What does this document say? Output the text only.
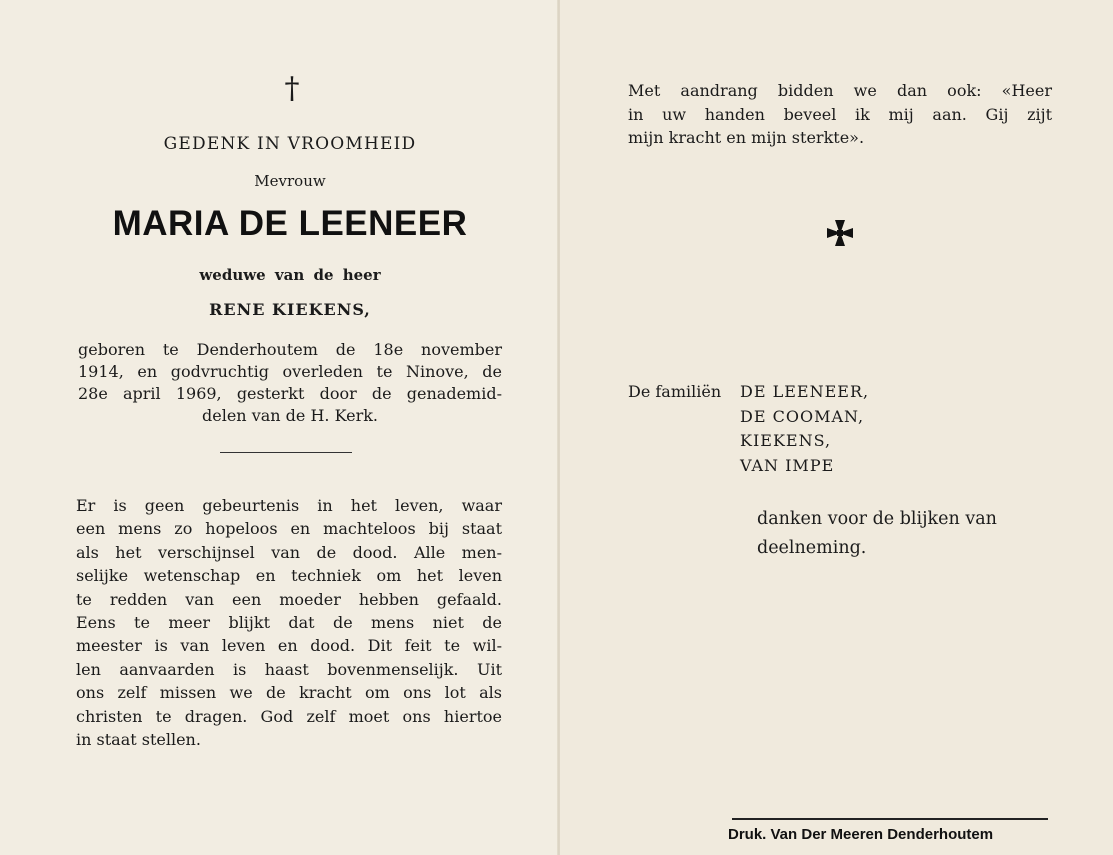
†
GEDENK IN VROOMHEID
Mevrouw
MARIA DE LEENEER
weduwe van de heer
RENE KIEKENS,
geboren te Denderhoutem de 18e november
1914, en godvruchtig overleden te Ninove, de
28e april 1969, gesterkt door de genademid-
delen van de H. Kerk.
Er is geen gebeurtenis in het leven, waar
een mens zo hopeloos en machteloos bij staat
als het verschijnsel van de dood. Alle men-
selijke wetenschap en techniek om het leven
te redden van een moeder hebben gefaald.
Eens te meer blijkt dat de mens niet de
meester is van leven en dood. Dit feit te wil-
len aanvaarden is haast bovenmenselijk. Uit
ons zelf missen we de kracht om ons lot als
christen te dragen. God zelf moet ons hiertoe
in staat stellen.
Met aandrang bidden we dan ook: «Heer
in uw handen beveel ik mij aan. Gij zijt
mijn kracht en mijn sterkte».
De familiën DE LEENEER,
DE COOMAN,
KIEKENS,
VAN IMPE
danken voor de blijken van
deelneming.
Druk. Van Der Meeren Denderhoutem
